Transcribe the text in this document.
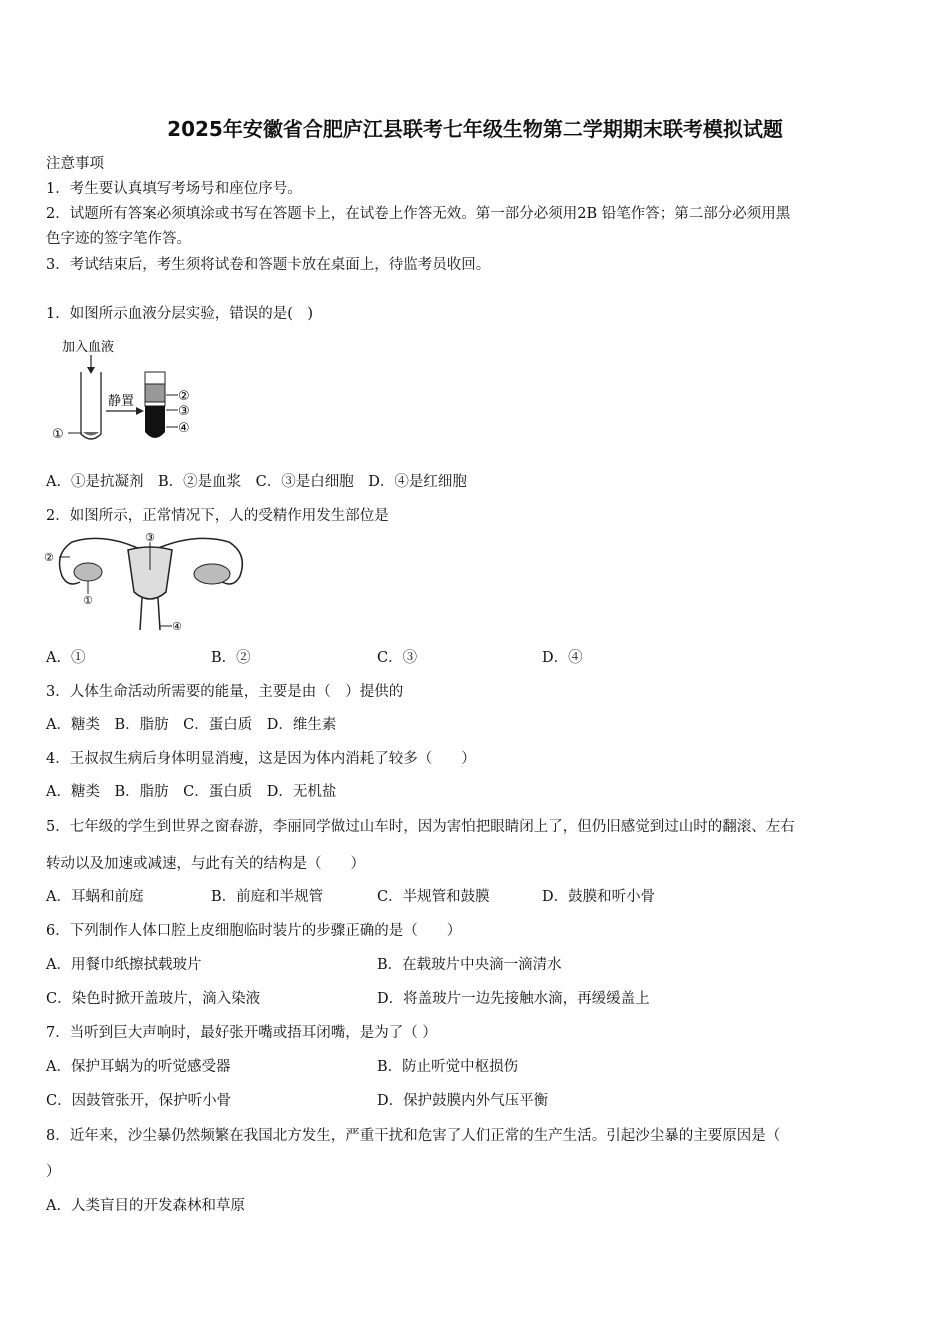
2025年安徽省合肥庐江县联考七年级生物第二学期期末联考模拟试题
注意事项
1．考生要认真填写考场号和座位序号。
2．试题所有答案必须填涂或书写在答题卡上，在试卷上作答无效。第一部分必须用2B 铅笔作答；第二部分必须用黑
色字迹的签字笔作答。
3．考试结束后，考生须将试卷和答题卡放在桌面上，待监考员收回。
1．如图所示血液分层实验，错误的是(　)
加入血液
①
静置	②
③
④
A．①是抗凝剂　B．②是血浆　C．③是白细胞　D．④是红细胞
2．如图所示，正常情况下，人的受精作用发生部位是
③
②
①
④
A．①	B．②	C．③	D．④
3．人体生命活动所需要的能量，主要是由（　）提供的
A．糖类　B．脂肪　C．蛋白质　D．维生素
4．王叔叔生病后身体明显消瘦，这是因为体内消耗了较多（　　）
A．糖类　B．脂肪　C．蛋白质　D．无机盐
5．七年级的学生到世界之窗春游，李丽同学做过山车时，因为害怕把眼睛闭上了，但仍旧感觉到过山时的翻滚、左右
转动以及加速或减速，与此有关的结构是（　　）
A．耳蜗和前庭	B．前庭和半规管	C．半规管和鼓膜	D．鼓膜和听小骨
6．下列制作人体口腔上皮细胞临时装片的步骤正确的是（　　）
A．用餐巾纸擦拭载玻片	B．在载玻片中央滴一滴清水
C．染色时掀开盖玻片，滴入染液	D．将盖玻片一边先接触水滴，再缓缓盖上
7．当听到巨大声响时，最好张开嘴或捂耳闭嘴，是为了（ ）
A．保护耳蜗为的听觉感受器	B．防止听觉中枢损伤
C．因鼓管张开，保护听小骨	D．保护鼓膜内外气压平衡
8．近年来，沙尘暴仍然频繁在我国北方发生，严重干扰和危害了人们正常的生产生活。引起沙尘暴的主要原因是（
）
A．人类盲目的开发森林和草原
